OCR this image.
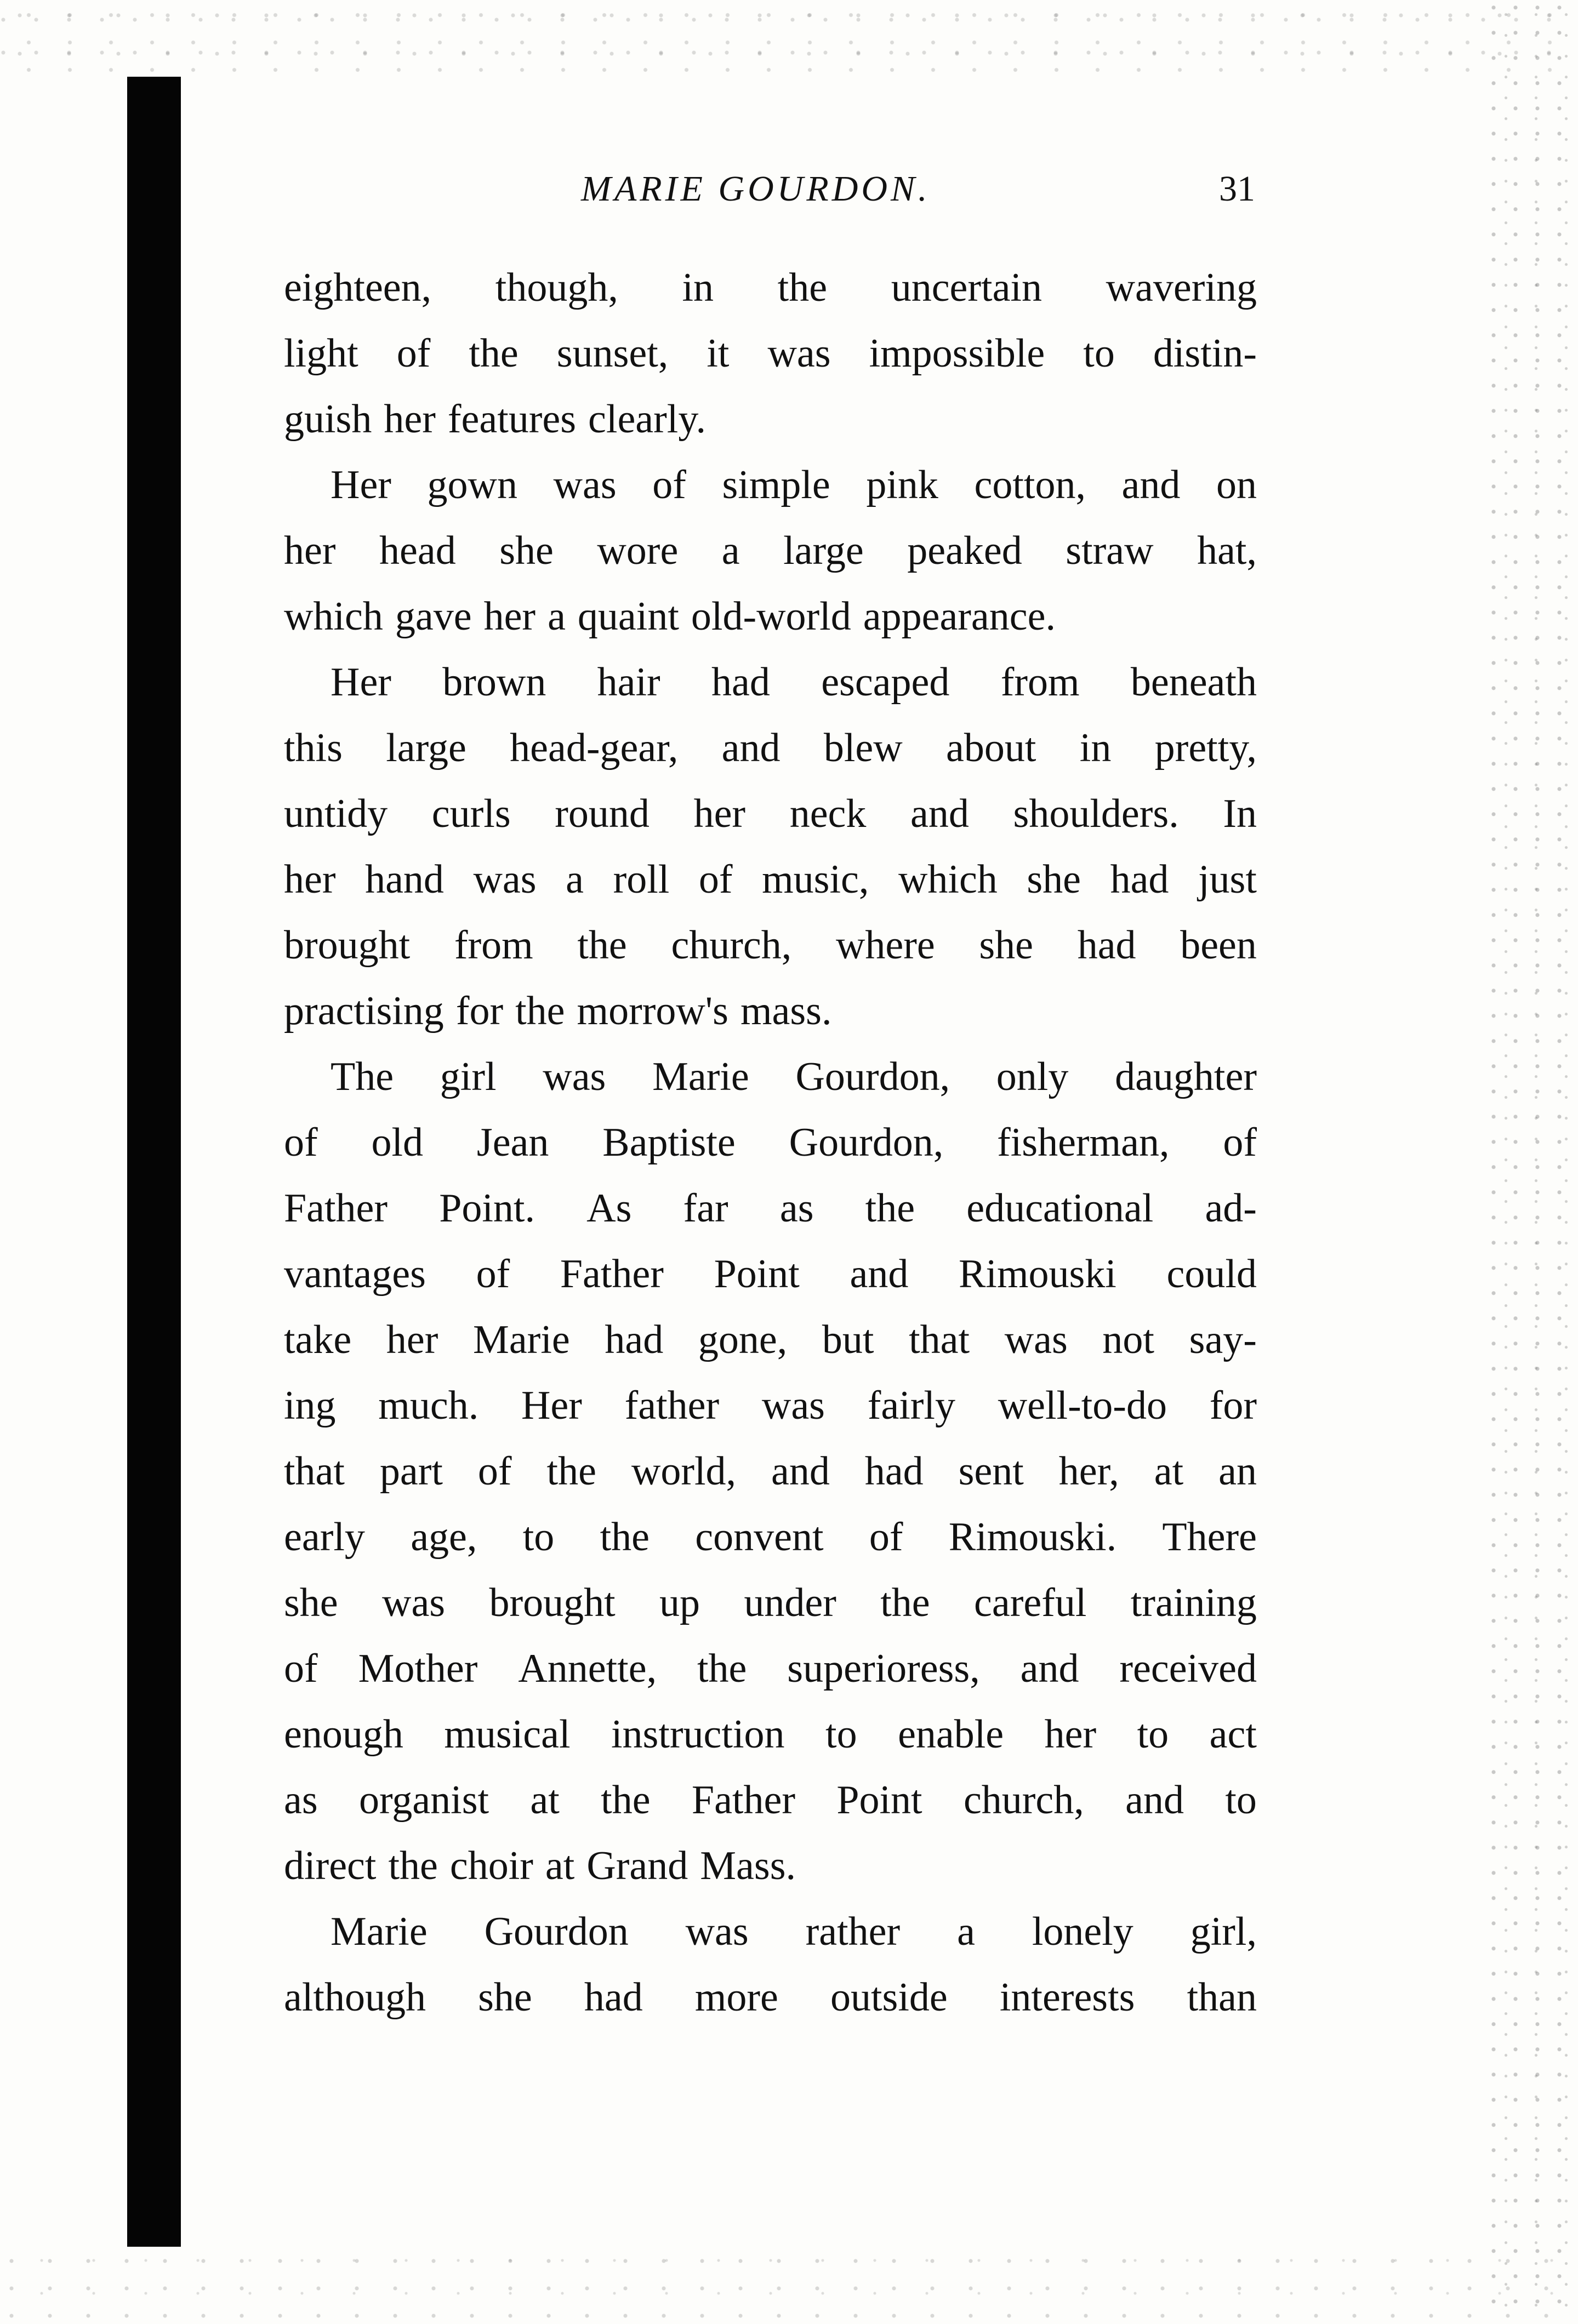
MARIE GOURDON.	31
eighteen, though, in the uncertain wavering
light of the sunset, it was impossible to distin-
guish her features clearly.
Her gown was of simple pink cotton, and on
her head she wore a large peaked straw hat,
which gave her a quaint old-world appearance.
Her brown hair had escaped from beneath
this large head-gear, and blew about in pretty,
untidy curls round her neck and shoulders. In
her hand was a roll of music, which she had just
brought from the church, where she had been
practising for the morrow's mass.
The girl was Marie Gourdon, only daughter
of old Jean Baptiste Gourdon, fisherman, of
Father Point. As far as the educational ad-
vantages of Father Point and Rimouski could
take her Marie had gone, but that was not say-
ing much. Her father was fairly well-to-do for
that part of the world, and had sent her, at an
early age, to the convent of Rimouski. There
she was brought up under the careful training
of Mother Annette, the superioress, and received
enough musical instruction to enable her to act
as organist at the Father Point church, and to
direct the choir at Grand Mass.
Marie Gourdon was rather a lonely girl,
although she had more outside interests than
